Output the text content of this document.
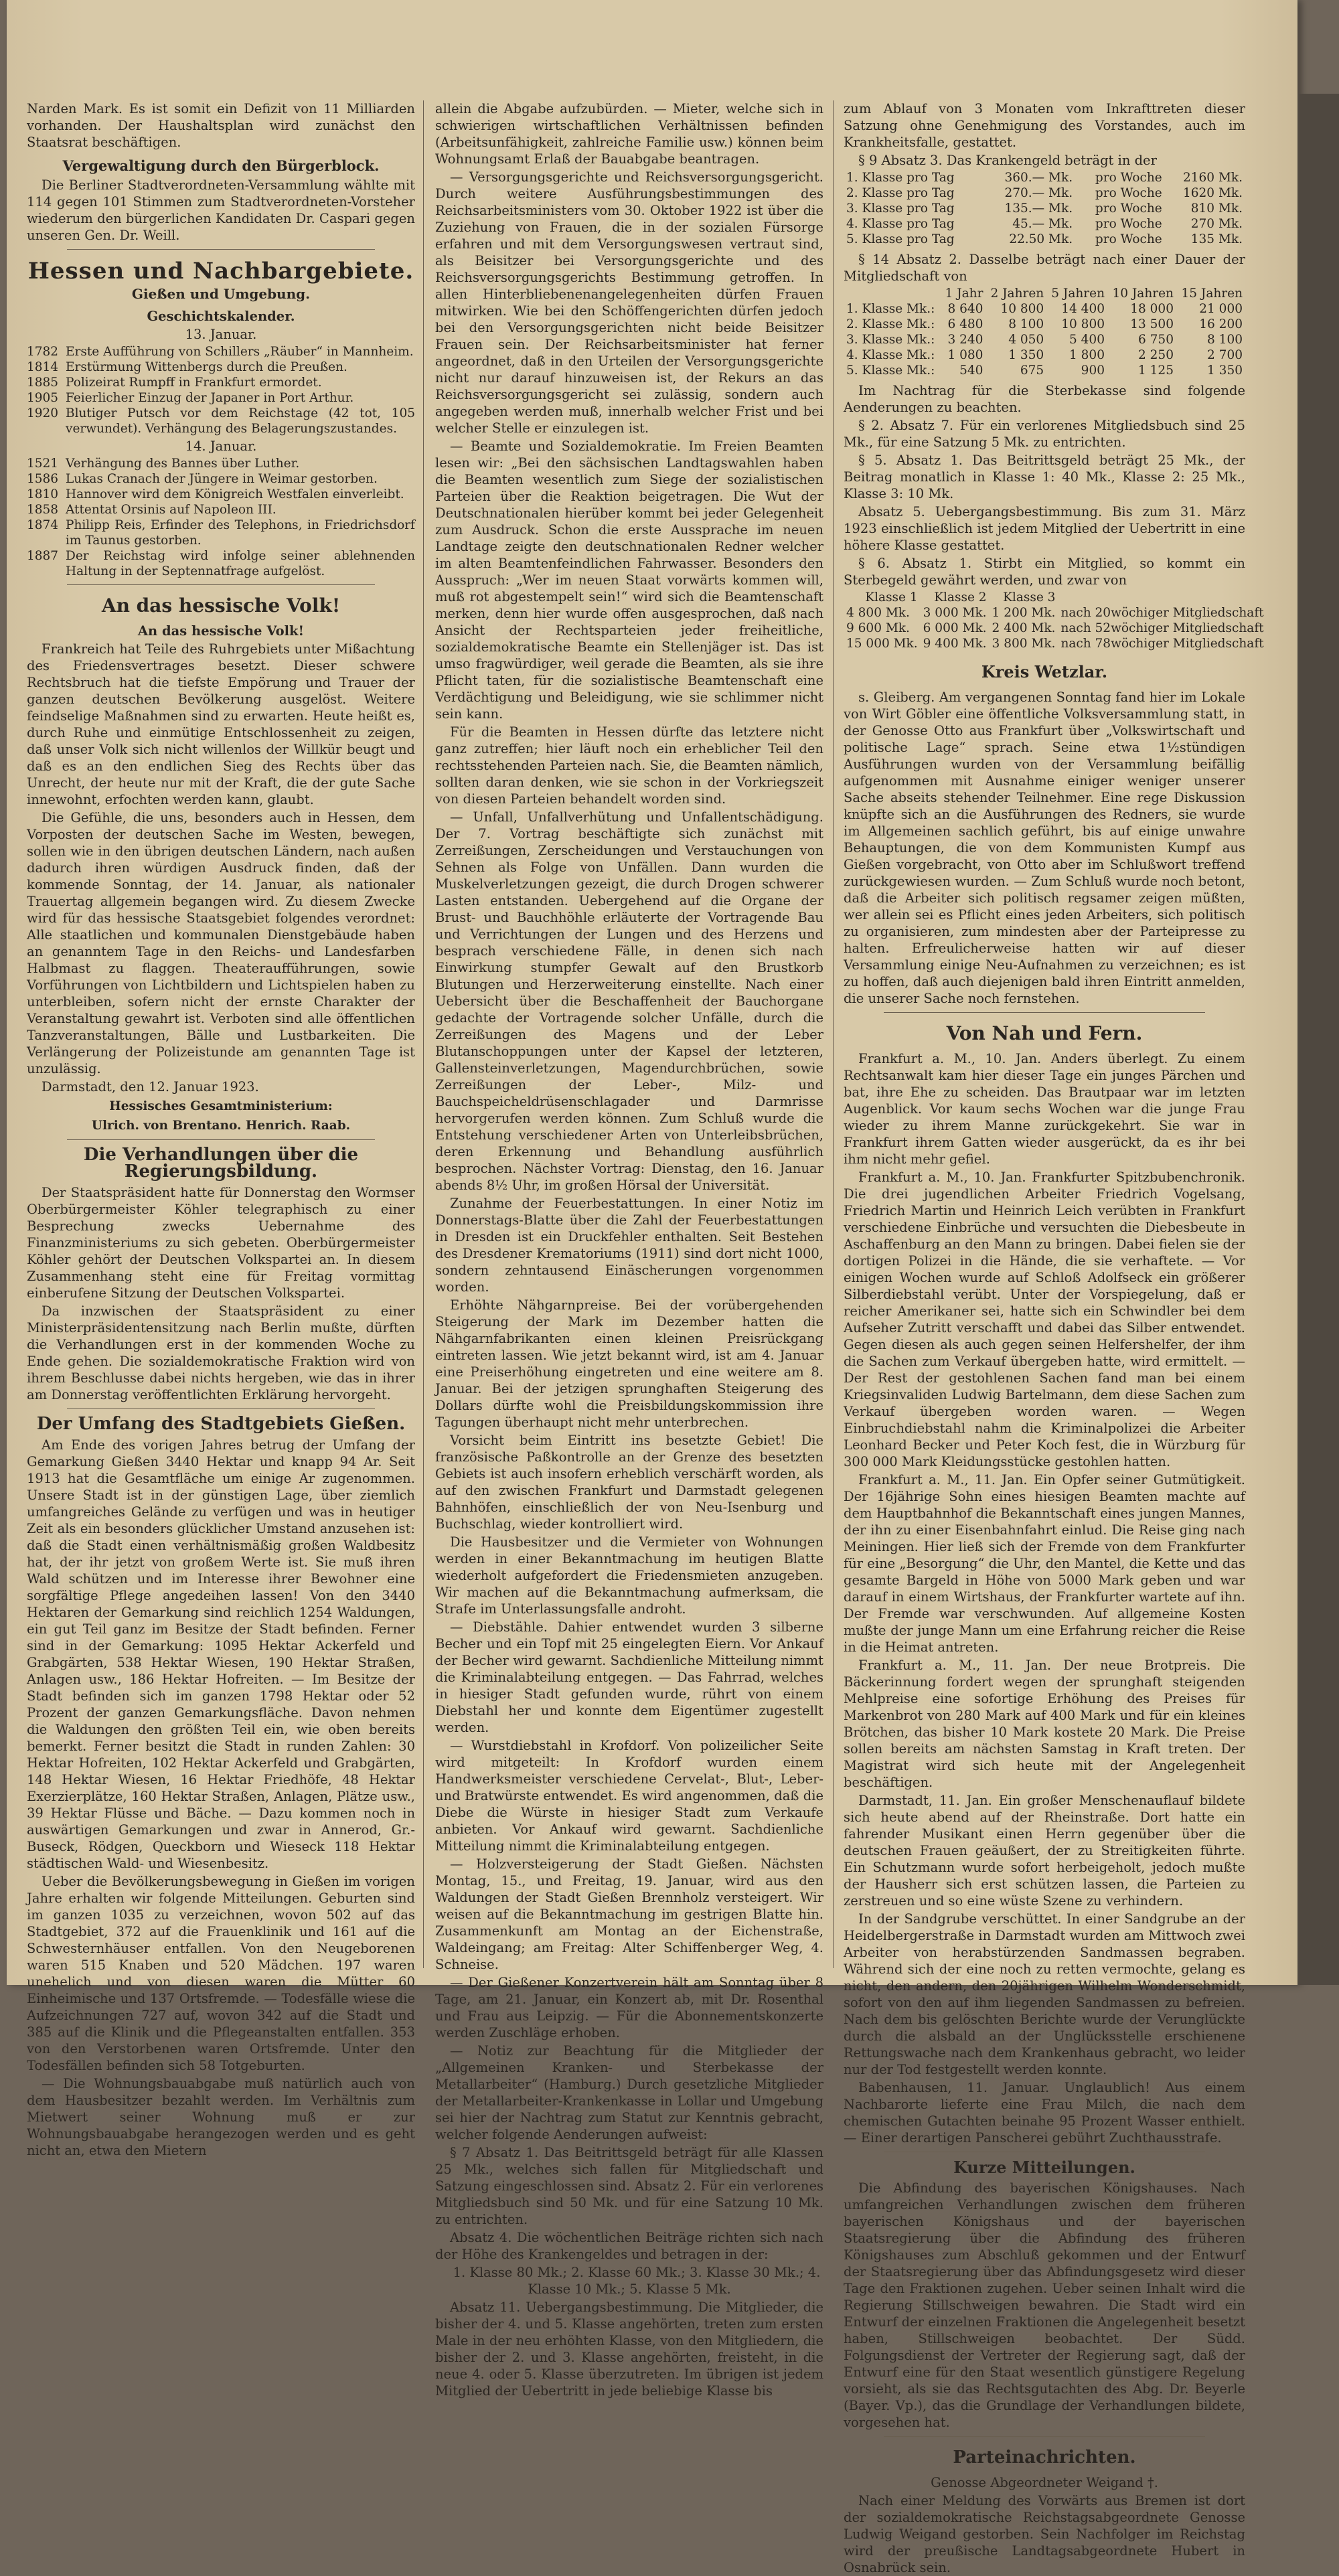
Narden Mark. Es ist somit ein Defizit von 11 Milliarden vorhanden. Der Haushaltsplan wird zunächst den Staatsrat beschäftigen.

Vergewaltigung durch den Bürgerblock.

Die Berliner Stadtverordneten-Versammlung wählte mit 114 gegen 101 Stimmen zum Stadtverordneten-Vorsteher wiederum den bürgerlichen Kandidaten Dr. Caspari gegen unseren Gen. Dr. Weill.

Hessen und Nachbargebiete.
Gießen und Umgebung.
Geschichtskalender.
13. Januar.

1782 Erste Aufführung von Schillers „Räuber“ in Mannheim.

1814 Erstürmung Wittenbergs durch die Preußen.

1885 Polizeirat Rumpff in Frankfurt ermordet.

1905 Feierlicher Einzug der Japaner in Port Arthur.

1920 Blutiger Putsch vor dem Reichstage (42 tot, 105 verwundet). Verhängung des Belagerungszustandes.

14. Januar.

1521 Verhängung des Bannes über Luther.

1586 Lukas Cranach der Jüngere in Weimar gestorben.

1810 Hannover wird dem Königreich Westfalen einverleibt.

1858 Attentat Orsinis auf Napoleon III.

1874 Philipp Reis, Erfinder des Telephons, in Friedrichsdorf im Taunus gestorben.

1887 Der Reichstag wird infolge seiner ablehnenden Haltung in der Septennatfrage aufgelöst.

An das hessische Volk!
An das hessische Volk!

Frankreich hat Teile des Ruhrgebiets unter Mißachtung des Friedensvertrages besetzt. Dieser schwere Rechtsbruch hat die tiefste Empörung und Trauer der ganzen deutschen Bevölkerung ausgelöst. Weitere feindselige Maßnahmen sind zu erwarten. Heute heißt es, durch Ruhe und einmütige Entschlossenheit zu zeigen, daß unser Volk sich nicht willenlos der Willkür beugt und daß es an den endlichen Sieg des Rechts über das Unrecht, der heute nur mit der Kraft, die der gute Sache innewohnt, erfochten werden kann, glaubt.

Die Gefühle, die uns, besonders auch in Hessen, dem Vorposten der deutschen Sache im Westen, bewegen, sollen wie in den übrigen deutschen Ländern, nach außen dadurch ihren würdigen Ausdruck finden, daß der kommende Sonntag, der 14. Januar, als nationaler Trauertag allgemein begangen wird. Zu diesem Zwecke wird für das hessische Staatsgebiet folgendes verordnet: Alle staatlichen und kommunalen Dienstgebäude haben an genanntem Tage in den Reichs- und Landesfarben Halbmast zu flaggen. Theateraufführungen, sowie Vorführungen von Lichtbildern und Lichtspielen haben zu unterbleiben, sofern nicht der ernste Charakter der Veranstaltung gewahrt ist. Verboten sind alle öffentlichen Tanzveranstaltungen, Bälle und Lustbarkeiten. Die Verlängerung der Polizeistunde am genannten Tage ist unzulässig.

Darmstadt, den 12. Januar 1923.

Hessisches Gesamtministerium:
Ulrich. von Brentano. Henrich. Raab.
Die Verhandlungen über die Regierungsbildung.

Der Staatspräsident hatte für Donnerstag den Wormser Oberbürgermeister Köhler telegraphisch zu einer Besprechung zwecks Uebernahme des Finanzministeriums zu sich gebeten. Oberbürgermeister Köhler gehört der Deutschen Volkspartei an. In diesem Zusammenhang steht eine für Freitag vormittag einberufene Sitzung der Deutschen Volkspartei.

Da inzwischen der Staatspräsident zu einer Ministerpräsidentensitzung nach Berlin mußte, dürften die Verhandlungen erst in der kommenden Woche zu Ende gehen. Die sozialdemokratische Fraktion wird von ihrem Beschlusse dabei nichts hergeben, wie das in ihrer am Donnerstag veröffentlichten Erklärung hervorgeht.

Der Umfang des Stadtgebiets Gießen.

Am Ende des vorigen Jahres betrug der Umfang der Gemarkung Gießen 3440 Hektar und knapp 94 Ar. Seit 1913 hat die Gesamtfläche um einige Ar zugenommen. Unsere Stadt ist in der günstigen Lage, über ziemlich umfangreiches Gelände zu verfügen und was in heutiger Zeit als ein besonders glücklicher Umstand anzusehen ist: daß die Stadt einen verhältnismäßig großen Waldbesitz hat, der ihr jetzt von großem Werte ist. Sie muß ihren Wald schützen und im Interesse ihrer Bewohner eine sorgfältige Pflege angedeihen lassen! Von den 3440 Hektaren der Gemarkung sind reichlich 1254 Waldungen, ein gut Teil ganz im Besitze der Stadt befinden. Ferner sind in der Gemarkung: 1095 Hektar Ackerfeld und Grabgärten, 538 Hektar Wiesen, 190 Hektar Straßen, Anlagen usw., 186 Hektar Hofreiten. — Im Besitze der Stadt befinden sich im ganzen 1798 Hektar oder 52 Prozent der ganzen Gemarkungsfläche. Davon nehmen die Waldungen den größten Teil ein, wie oben bereits bemerkt. Ferner besitzt die Stadt in runden Zahlen: 30 Hektar Hofreiten, 102 Hektar Ackerfeld und Grabgärten, 148 Hektar Wiesen, 16 Hektar Friedhöfe, 48 Hektar Exerzierplätze, 160 Hektar Straßen, Anlagen, Plätze usw., 39 Hektar Flüsse und Bäche. — Dazu kommen noch in auswärtigen Gemarkungen und zwar in Annerod, Gr.-Buseck, Rödgen, Queckborn und Wieseck 118 Hektar städtischen Wald- und Wiesenbesitz.

Ueber die Bevölkerungsbewegung in Gießen im vorigen Jahre erhalten wir folgende Mitteilungen. Geburten sind im ganzen 1035 zu verzeichnen, wovon 502 auf das Stadtgebiet, 372 auf die Frauenklinik und 161 auf die Schwesternhäuser entfallen. Von den Neugeborenen waren 515 Knaben und 520 Mädchen. 197 waren unehelich und von diesen waren die Mütter 60 Einheimische und 137 Ortsfremde. — Todesfälle wiese die Aufzeichnungen 727 auf, wovon 342 auf die Stadt und 385 auf die Klinik und die Pflegeanstalten entfallen. 353 von den Verstorbenen waren Ortsfremde. Unter den Todesfällen befinden sich 58 Totgeburten.

— Die Wohnungsbauabgabe muß natürlich auch von dem Hausbesitzer bezahlt werden. Im Verhältnis zum Mietwert seiner Wohnung muß er zur Wohnungsbauabgabe herangezogen werden und es geht nicht an, etwa den Mietern

allein die Abgabe aufzubürden. — Mieter, welche sich in schwierigen wirtschaftlichen Verhältnissen befinden (Arbeitsunfähigkeit, zahlreiche Familie usw.) können beim Wohnungsamt Erlaß der Bauabgabe beantragen.

— Versorgungsgerichte und Reichsversorgungsgericht. Durch weitere Ausführungsbestimmungen des Reichsarbeitsministers vom 30. Oktober 1922 ist über die Zuziehung von Frauen, die in der sozialen Fürsorge erfahren und mit dem Versorgungswesen vertraut sind, als Beisitzer bei Versorgungsgerichte und des Reichsversorgungsgerichts Bestimmung getroffen. In allen Hinterbliebenenangelegenheiten dürfen Frauen mitwirken. Wie bei den Schöffengerichten dürfen jedoch bei den Versorgungsgerichten nicht beide Beisitzer Frauen sein. Der Reichsarbeitsminister hat ferner angeordnet, daß in den Urteilen der Versorgungsgerichte nicht nur darauf hinzuweisen ist, der Rekurs an das Reichsversorgungsgericht sei zulässig, sondern auch angegeben werden muß, innerhalb welcher Frist und bei welcher Stelle er einzulegen ist.

— Beamte und Sozialdemokratie. Im Freien Beamten lesen wir: „Bei den sächsischen Landtagswahlen haben die Beamten wesentlich zum Siege der sozialistischen Parteien über die Reaktion beigetragen. Die Wut der Deutschnationalen hierüber kommt bei jeder Gelegenheit zum Ausdruck. Schon die erste Aussprache im neuen Landtage zeigte den deutschnationalen Redner welcher im alten Beamtenfeindlichen Fahrwasser. Besonders den Ausspruch: „Wer im neuen Staat vorwärts kommen will, muß rot abgestempelt sein!“ wird sich die Beamtenschaft merken, denn hier wurde offen ausgesprochen, daß nach Ansicht der Rechtsparteien jeder freiheitliche, sozialdemokratische Beamte ein Stellenjäger ist. Das ist umso fragwürdiger, weil gerade die Beamten, als sie ihre Pflicht taten, für die sozialistische Beamtenschaft eine Verdächtigung und Beleidigung, wie sie schlimmer nicht sein kann.

Für die Beamten in Hessen dürfte das letztere nicht ganz zutreffen; hier läuft noch ein erheblicher Teil den rechtsstehenden Parteien nach. Sie, die Beamten nämlich, sollten daran denken, wie sie schon in der Vorkriegszeit von diesen Parteien behandelt worden sind.

— Unfall, Unfallverhütung und Unfallentschädigung. Der 7. Vortrag beschäftigte sich zunächst mit Zerreißungen, Zerscheidungen und Verstauchungen von Sehnen als Folge von Unfällen. Dann wurden die Muskelverletzungen gezeigt, die durch Drogen schwerer Lasten entstanden. Uebergehend auf die Organe der Brust- und Bauchhöhle erläuterte der Vortragende Bau und Verrichtungen der Lungen und des Herzens und besprach verschiedene Fälle, in denen sich nach Einwirkung stumpfer Gewalt auf den Brustkorb Blutungen und Herzerweiterung einstellte. Nach einer Uebersicht über die Beschaffenheit der Bauchorgane gedachte der Vortragende solcher Unfälle, durch die Zerreißungen des Magens und der Leber Blutanschoppungen unter der Kapsel der letzteren, Gallensteinverletzungen, Magendurchbrüchen, sowie Zerreißungen der Leber-, Milz- und Bauchspeicheldrüsenschlagader und Darmrisse hervorgerufen werden können. Zum Schluß wurde die Entstehung verschiedener Arten von Unterleibsbrüchen, deren Erkennung und Behandlung ausführlich besprochen. Nächster Vortrag: Dienstag, den 16. Januar abends 8½ Uhr, im großen Hörsal der Universität.

Zunahme der Feuerbestattungen. In einer Notiz im Donnerstags-Blatte über die Zahl der Feuerbestattungen in Dresden ist ein Druckfehler enthalten. Seit Bestehen des Dresdener Krematoriums (1911) sind dort nicht 1000, sondern zehntausend Einäscherungen vorgenommen worden.

Erhöhte Nähgarnpreise. Bei der vorübergehenden Steigerung der Mark im Dezember hatten die Nähgarnfabrikanten einen kleinen Preisrückgang eintreten lassen. Wie jetzt bekannt wird, ist am 4. Januar eine Preiserhöhung eingetreten und eine weitere am 8. Januar. Bei der jetzigen sprunghaften Steigerung des Dollars dürfte wohl die Preisbildungskommission ihre Tagungen überhaupt nicht mehr unterbrechen.

Vorsicht beim Eintritt ins besetzte Gebiet! Die französische Paßkontrolle an der Grenze des besetzten Gebiets ist auch insofern erheblich verschärft worden, als auf den zwischen Frankfurt und Darmstadt gelegenen Bahnhöfen, einschließlich der von Neu-Isenburg und Buchschlag, wieder kontrolliert wird.

Die Hausbesitzer und die Vermieter von Wohnungen werden in einer Bekanntmachung im heutigen Blatte wiederholt aufgefordert die Friedensmieten anzugeben. Wir machen auf die Bekanntmachung aufmerksam, die Strafe im Unterlassungsfalle androht.

— Diebstähle. Dahier entwendet wurden 3 silberne Becher und ein Topf mit 25 eingelegten Eiern. Vor Ankauf der Becher wird gewarnt. Sachdienliche Mitteilung nimmt die Kriminalabteilung entgegen. — Das Fahrrad, welches in hiesiger Stadt gefunden wurde, rührt von einem Diebstahl her und konnte dem Eigentümer zugestellt werden.

— Wurstdiebstahl in Krofdorf. Von polizeilicher Seite wird mitgeteilt: In Krofdorf wurden einem Handwerksmeister verschiedene Cervelat-, Blut-, Leber- und Bratwürste entwendet. Es wird angenommen, daß die Diebe die Würste in hiesiger Stadt zum Verkaufe anbieten. Vor Ankauf wird gewarnt. Sachdienliche Mitteilung nimmt die Kriminalabteilung entgegen.

— Holzversteigerung der Stadt Gießen. Nächsten Montag, 15., und Freitag, 19. Januar, wird aus den Waldungen der Stadt Gießen Brennholz versteigert. Wir weisen auf die Bekanntmachung im gestrigen Blatte hin. Zusammenkunft am Montag an der Eichenstraße, Waldeingang; am Freitag: Alter Schiffenberger Weg, 4. Schneise.

— Der Gießener Konzertverein hält am Sonntag über 8 Tage, am 21. Januar, ein Konzert ab, mit Dr. Rosenthal und Frau aus Leipzig. — Für die Abonnementskonzerte werden Zuschläge erhoben.

— Notiz zur Beachtung für die Mitglieder der „Allgemeinen Kranken- und Sterbekasse der Metallarbeiter“ (Hamburg.) Durch gesetzliche Mitglieder der Metallarbeiter-Krankenkasse in Lollar und Umgebung sei hier der Nachtrag zum Statut zur Kenntnis gebracht, welcher folgende Aenderungen aufweist:

§ 7 Absatz 1. Das Beitrittsgeld beträgt für alle Klassen 25 Mk., welches sich fallen für Mitgliedschaft und Satzung eingeschlossen sind. Absatz 2. Für ein verlorenes Mitgliedsbuch sind 50 Mk. und für eine Satzung 10 Mk. zu entrichten.

Absatz 4. Die wöchentlichen Beiträge richten sich nach der Höhe des Krankengeldes und betragen in der:

1. Klasse 80 Mk.; 2. Klasse 60 Mk.; 3. Klasse 30 Mk.; 4. Klasse 10 Mk.; 5. Klasse 5 Mk.

Absatz 11. Uebergangsbestimmung. Die Mitglieder, die bisher der 4. und 5. Klasse angehörten, treten zum ersten Male in der neu erhöhten Klasse, von den Mitgliedern, die bisher der 2. und 3. Klasse angehörten, freisteht, in die neue 4. oder 5. Klasse überzutreten. Im übrigen ist jedem Mitglied der Uebertritt in jede beliebige Klasse bis

zum Ablauf von 3 Monaten vom Inkrafttreten dieser Satzung ohne Genehmigung des Vorstandes, auch im Krankheitsfalle, gestattet.

§ 9 Absatz 3. Das Krankengeld beträgt in der

1. Klasse pro Tag	360.— Mk.	pro Woche	2160 Mk.
2. Klasse pro Tag	270.— Mk.	pro Woche	1620 Mk.
3. Klasse pro Tag	135.— Mk.	pro Woche	810 Mk.
4. Klasse pro Tag	45.— Mk.	pro Woche	270 Mk.
5. Klasse pro Tag	22.50 Mk.	pro Woche	135 Mk.

§ 14 Absatz 2. Dasselbe beträgt nach einer Dauer der Mitgliedschaft von

	1 Jahr	2 Jahren	5 Jahren	10 Jahren	15 Jahren
1. Klasse Mk.:	8 640	10 800	14 400	18 000	21 000
2. Klasse Mk.:	6 480	8 100	10 800	13 500	16 200
3. Klasse Mk.:	3 240	4 050	5 400	6 750	8 100
4. Klasse Mk.:	1 080	1 350	1 800	2 250	2 700
5. Klasse Mk.:	540	675	900	1 125	1 350

Im Nachtrag für die Sterbekasse sind folgende Aenderungen zu beachten.

§ 2. Absatz 7. Für ein verlorenes Mitgliedsbuch sind 25 Mk., für eine Satzung 5 Mk. zu entrichten.

§ 5. Absatz 1. Das Beitrittsgeld beträgt 25 Mk., der Beitrag monatlich in Klasse 1: 40 Mk., Klasse 2: 25 Mk., Klasse 3: 10 Mk.

Absatz 5. Uebergangsbestimmung. Bis zum 31. März 1923 einschließlich ist jedem Mitglied der Uebertritt in eine höhere Klasse gestattet.

§ 6. Absatz 1. Stirbt ein Mitglied, so kommt ein Sterbegeld gewährt werden, und zwar von

Klasse 1	Klasse 2	Klasse 3	
4 800 Mk.	3 000 Mk.	1 200 Mk.	nach 20wöchiger Mitgliedschaft
9 600 Mk.	6 000 Mk.	2 400 Mk.	nach 52wöchiger Mitgliedschaft
15 000 Mk.	9 400 Mk.	3 800 Mk.	nach 78wöchiger Mitgliedschaft
Kreis Wetzlar.

s. Gleiberg. Am vergangenen Sonntag fand hier im Lokale von Wirt Göbler eine öffentliche Volksversammlung statt, in der Genosse Otto aus Frankfurt über „Volkswirtschaft und politische Lage“ sprach. Seine etwa 1½stündigen Ausführungen wurden von der Versammlung beifällig aufgenommen mit Ausnahme einiger weniger unserer Sache abseits stehender Teilnehmer. Eine rege Diskussion knüpfte sich an die Ausführungen des Redners, sie wurde im Allgemeinen sachlich geführt, bis auf einige unwahre Behauptungen, die von dem Kommunisten Kumpf aus Gießen vorgebracht, von Otto aber im Schlußwort treffend zurückgewiesen wurden. — Zum Schluß wurde noch betont, daß die Arbeiter sich politisch regsamer zeigen müßten, wer allein sei es Pflicht eines jeden Arbeiters, sich politisch zu organisieren, zum mindesten aber der Parteipresse zu halten. Erfreulicherweise hatten wir auf dieser Versammlung einige Neu-Aufnahmen zu verzeichnen; es ist zu hoffen, daß auch diejenigen bald ihren Eintritt anmelden, die unserer Sache noch fernstehen.

Von Nah und Fern.

Frankfurt a. M., 10. Jan. Anders überlegt. Zu einem Rechtsanwalt kam hier dieser Tage ein junges Pärchen und bat, ihre Ehe zu scheiden. Das Brautpaar war im letzten Augenblick. Vor kaum sechs Wochen war die junge Frau wieder zu ihrem Manne zurückgekehrt. Sie war in Frankfurt ihrem Gatten wieder ausgerückt, da es ihr bei ihm nicht mehr gefiel.

Frankfurt a. M., 10. Jan. Frankfurter Spitzbubenchronik. Die drei jugendlichen Arbeiter Friedrich Vogelsang, Friedrich Martin und Heinrich Leich verübten in Frankfurt verschiedene Einbrüche und versuchten die Diebesbeute in Aschaffenburg an den Mann zu bringen. Dabei fielen sie der dortigen Polizei in die Hände, die sie verhaftete. — Vor einigen Wochen wurde auf Schloß Adolfseck ein größerer Silberdiebstahl verübt. Unter der Vorspiegelung, daß er reicher Amerikaner sei, hatte sich ein Schwindler bei dem Aufseher Zutritt verschafft und dabei das Silber entwendet. Gegen diesen als auch gegen seinen Helfershelfer, der ihm die Sachen zum Verkauf übergeben hatte, wird ermittelt. — Der Rest der gestohlenen Sachen fand man bei einem Kriegsinvaliden Ludwig Bartelmann, dem diese Sachen zum Verkauf übergeben worden waren. — Wegen Einbruchdiebstahl nahm die Kriminalpolizei die Arbeiter Leonhard Becker und Peter Koch fest, die in Würzburg für 300 000 Mark Kleidungsstücke gestohlen hatten.

Frankfurt a. M., 11. Jan. Ein Opfer seiner Gutmütigkeit. Der 16jährige Sohn eines hiesigen Beamten machte auf dem Hauptbahnhof die Bekanntschaft eines jungen Mannes, der ihn zu einer Eisenbahnfahrt einlud. Die Reise ging nach Meiningen. Hier ließ sich der Fremde von dem Frankfurter für eine „Besorgung“ die Uhr, den Mantel, die Kette und das gesamte Bargeld in Höhe von 5000 Mark geben und war darauf in einem Wirtshaus, der Frankfurter wartete auf ihn. Der Fremde war verschwunden. Auf allgemeine Kosten mußte der junge Mann um eine Erfahrung reicher die Reise in die Heimat antreten.

Frankfurt a. M., 11. Jan. Der neue Brotpreis. Die Bäckerinnung fordert wegen der sprunghaft steigenden Mehlpreise eine sofortige Erhöhung des Preises für Markenbrot von 280 Mark auf 400 Mark und für ein kleines Brötchen, das bisher 10 Mark kostete 20 Mark. Die Preise sollen bereits am nächsten Samstag in Kraft treten. Der Magistrat wird sich heute mit der Angelegenheit beschäftigen.

Darmstadt, 11. Jan. Ein großer Menschenauflauf bildete sich heute abend auf der Rheinstraße. Dort hatte ein fahrender Musikant einen Herrn gegenüber über die deutschen Frauen geäußert, der zu Streitigkeiten führte. Ein Schutzmann wurde sofort herbeigeholt, jedoch mußte der Hausherr sich erst schützen lassen, die Parteien zu zerstreuen und so eine wüste Szene zu verhindern.

In der Sandgrube verschüttet. In einer Sandgrube an der Heidelbergerstraße in Darmstadt wurden am Mittwoch zwei Arbeiter von herabstürzenden Sandmassen begraben. Während sich der eine noch zu retten vermochte, gelang es nicht, den andern, den 20jährigen Wilhelm Wonderschmidt, sofort von den auf ihm liegenden Sandmassen zu befreien. Nach dem bis gelöschten Berichte wurde der Verunglückte durch die alsbald an der Unglücksstelle erschienene Rettungswache nach dem Krankenhaus gebracht, wo leider nur der Tod festgestellt werden konnte.

Babenhausen, 11. Januar. Unglaublich! Aus einem Nachbarorte lieferte eine Frau Milch, die nach dem chemischen Gutachten beinahe 95 Prozent Wasser enthielt. — Einer derartigen Panscherei gebührt Zuchthausstrafe.

Kurze Mitteilungen.

Die Abfindung des bayerischen Königshauses. Nach umfangreichen Verhandlungen zwischen dem früheren bayerischen Königshaus und der bayerischen Staatsregierung über die Abfindung des früheren Königshauses zum Abschluß gekommen und der Entwurf der Staatsregierung über das Abfindungsgesetz wird dieser Tage den Fraktionen zugehen. Ueber seinen Inhalt wird die Regierung Stillschweigen bewahren. Die Stadt wird ein Entwurf der einzelnen Fraktionen die Angelegenheit besetzt haben, Stillschweigen beobachtet. Der Südd. Folgungsdienst der Vertreter der Regierung sagt, daß der Entwurf eine für den Staat wesentlich günstigere Regelung vorsieht, als sie das Rechtsgutachten des Abg. Dr. Beyerle (Bayer. Vp.), das die Grundlage der Verhandlungen bildete, vorgesehen hat.

Parteinachrichten.
Genosse Abgeordneter Weigand †.

Nach einer Meldung des Vorwärts aus Bremen ist dort der sozialdemokratische Reichstagsabgeordnete Genosse Ludwig Weigand gestorben. Sein Nachfolger im Reichstag wird der preußische Landtagsabgeordnete Hubert in Osnabrück sein.
